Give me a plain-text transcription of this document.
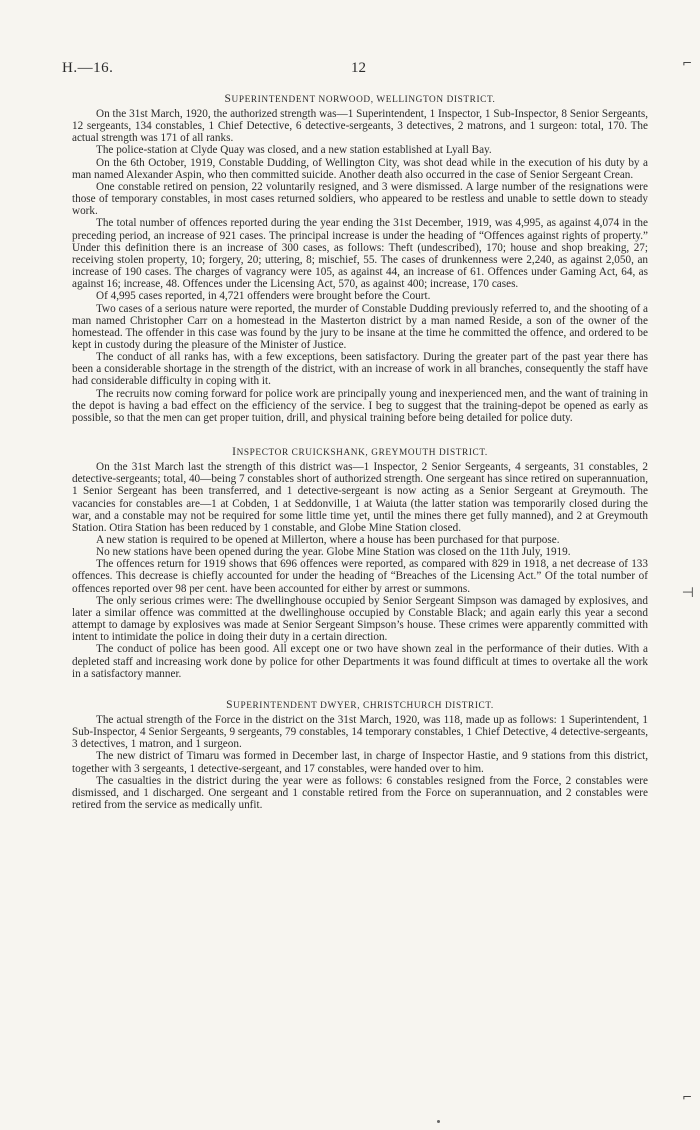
H.—16.	12	⌐
⊣
⌐
SUPERINTENDENT NORWOOD, WELLINGTON DISTRICT.

On the 31st March, 1920, the authorized strength was—1 Superintendent, 1 Inspector, 1 Sub-Inspector, 8 Senior Sergeants, 12 sergeants, 134 constables, 1 Chief Detective, 6 detective-sergeants, 3 detectives, 2 matrons, and 1 surgeon: total, 170. The actual strength was 171 of all ranks.

The police-station at Clyde Quay was closed, and a new station established at Lyall Bay.

On the 6th October, 1919, Constable Dudding, of Wellington City, was shot dead while in the execution of his duty by a man named Alexander Aspin, who then committed suicide. Another death also occurred in the case of Senior Sergeant Crean.

One constable retired on pension, 22 voluntarily resigned, and 3 were dismissed. A large number of the resignations were those of temporary constables, in most cases returned soldiers, who appeared to be restless and unable to settle down to steady work.

The total number of offences reported during the year ending the 31st December, 1919, was 4,995, as against 4,074 in the preceding period, an increase of 921 cases. The principal increase is under the heading of “Offences against rights of property.” Under this definition there is an increase of 300 cases, as follows: Theft (undescribed), 170; house and shop breaking, 27; receiving stolen property, 10; forgery, 20; uttering, 8; mischief, 55. The cases of drunkenness were 2,240, as against 2,050, an increase of 190 cases. The charges of vagrancy were 105, as against 44, an increase of 61. Offences under Gaming Act, 64, as against 16; increase, 48. Offences under the Licensing Act, 570, as against 400; increase, 170 cases.

Of 4,995 cases reported, in 4,721 offenders were brought before the Court.

Two cases of a serious nature were reported, the murder of Constable Dudding previously referred to, and the shooting of a man named Christopher Carr on a homestead in the Masterton district by a man named Reside, a son of the owner of the homestead. The offender in this case was found by the jury to be insane at the time he committed the offence, and ordered to be kept in custody during the pleasure of the Minister of Justice.

The conduct of all ranks has, with a few exceptions, been satisfactory. During the greater part of the past year there has been a considerable shortage in the strength of the district, with an increase of work in all branches, consequently the staff have had considerable difficulty in coping with it.

The recruits now coming forward for police work are principally young and inexperienced men, and the want of training in the depot is having a bad effect on the efficiency of the service. I beg to suggest that the training-depot be opened as early as possible, so that the men can get proper tuition, drill, and physical training before being detailed for police duty.

INSPECTOR CRUICKSHANK, GREYMOUTH DISTRICT.

On the 31st March last the strength of this district was—1 Inspector, 2 Senior Sergeants, 4 sergeants, 31 constables, 2 detective-sergeants; total, 40—being 7 constables short of authorized strength. One sergeant has since retired on superannuation, 1 Senior Sergeant has been transferred, and 1 detective-sergeant is now acting as a Senior Sergeant at Greymouth. The vacancies for constables are—1 at Cobden, 1 at Seddonville, 1 at Waiuta (the latter station was temporarily closed during the war, and a constable may not be required for some little time yet, until the mines there get fully manned), and 2 at Greymouth Station. Otira Station has been reduced by 1 constable, and Globe Mine Station closed.

A new station is required to be opened at Millerton, where a house has been purchased for that purpose.

No new stations have been opened during the year. Globe Mine Station was closed on the 11th July, 1919.

The offences return for 1919 shows that 696 offences were reported, as compared with 829 in 1918, a net decrease of 133 offences. This decrease is chiefly accounted for under the heading of “Breaches of the Licensing Act.” Of the total number of offences reported over 98 per cent. have been accounted for either by arrest or summons.

The only serious crimes were: The dwellinghouse occupied by Senior Sergeant Simpson was damaged by explosives, and later a similar offence was committed at the dwellinghouse occupied by Constable Black; and again early this year a second attempt to damage by explosives was made at Senior Sergeant Simpson’s house. These crimes were apparently committed with intent to intimidate the police in doing their duty in a certain direction.

The conduct of police has been good. All except one or two have shown zeal in the performance of their duties. With a depleted staff and increasing work done by police for other Departments it was found difficult at times to overtake all the work in a satisfactory manner.

SUPERINTENDENT DWYER, CHRISTCHURCH DISTRICT.

The actual strength of the Force in the district on the 31st March, 1920, was 118, made up as follows: 1 Superintendent, 1 Sub-Inspector, 4 Senior Sergeants, 9 sergeants, 79 constables, 14 temporary constables, 1 Chief Detective, 4 detective-sergeants, 3 detectives, 1 matron, and 1 surgeon.

The new district of Timaru was formed in December last, in charge of Inspector Hastie, and 9 stations from this district, together with 3 sergeants, 1 detective-sergeant, and 17 constables, were handed over to him.

The casualties in the district during the year were as follows: 6 constables resigned from the Force, 2 constables were dismissed, and 1 discharged. One sergeant and 1 constable retired from the Force on superannuation, and 2 constables were retired from the service as medically unfit.
